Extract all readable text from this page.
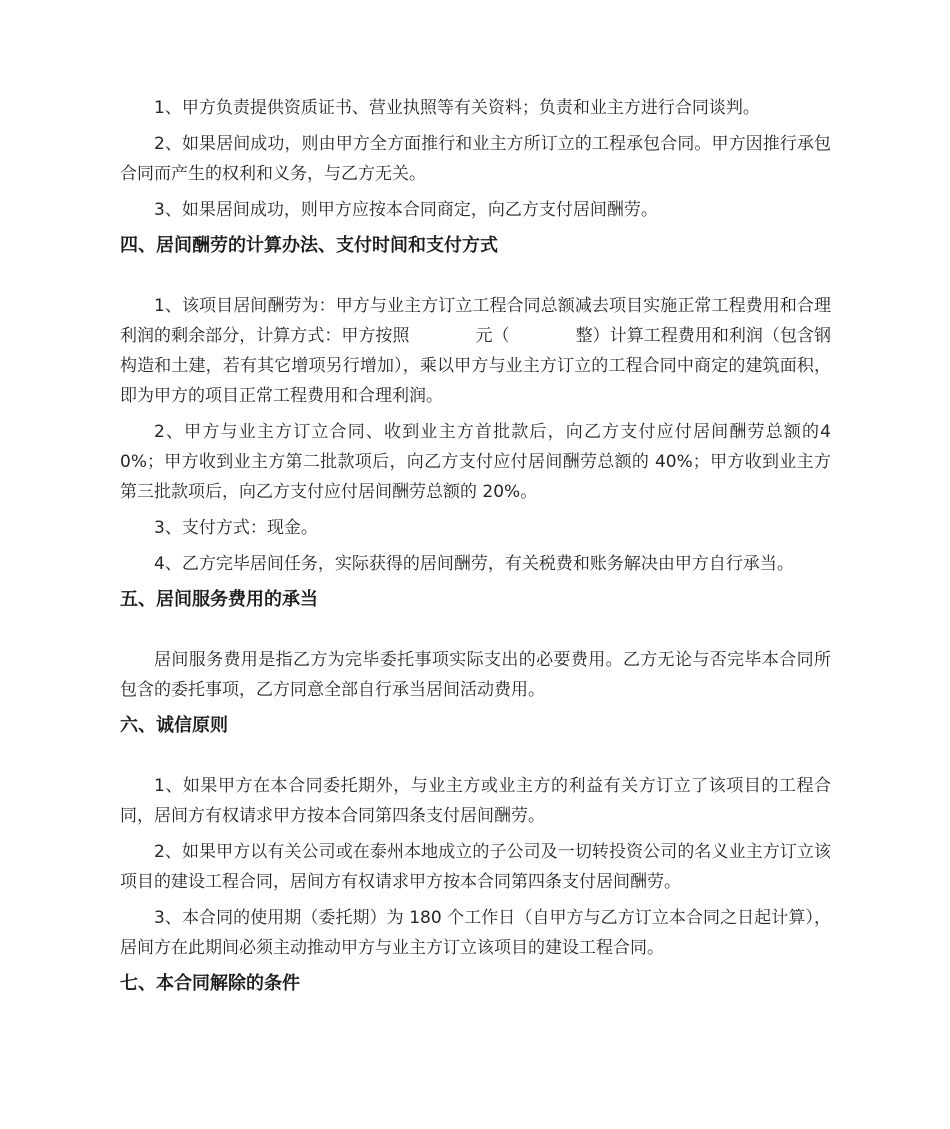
1、甲方负责提供资质证书、营业执照等有关资料；负责和业主方进行合同谈判。

2、如果居间成功，则由甲方全方面推行和业主方所订立的工程承包合同。甲方因推行承包合同而产生的权利和义务，与乙方无关。

3、如果居间成功，则甲方应按本合同商定，向乙方支付居间酬劳。

四、居间酬劳的计算办法、支付时间和支付方式

1、该项目居间酬劳为：甲方与业主方订立工程合同总额减去项目实施正常工程费用和合理利润的剩余部分，计算方式：甲方按照	元（	整）计算工程费用和利润（包含钢构造和土建，若有其它增项另行增加），乘以甲方与业主方订立的工程合同中商定的建筑面积，即为甲方的项目正常工程费用和合理利润。

2、甲方与业主方订立合同、收到业主方首批款后，向乙方支付应付居间酬劳总额的40%；甲方收到业主方第二批款项后，向乙方支付应付居间酬劳总额的 40%；甲方收到业主方第三批款项后，向乙方支付应付居间酬劳总额的 20%。

3、支付方式：现金。

4、乙方完毕居间任务，实际获得的居间酬劳，有关税费和账务解决由甲方自行承当。

五、居间服务费用的承当

居间服务费用是指乙方为完毕委托事项实际支出的必要费用。乙方无论与否完毕本合同所包含的委托事项，乙方同意全部自行承当居间活动费用。

六、诚信原则

1、如果甲方在本合同委托期外，与业主方或业主方的利益有关方订立了该项目的工程合同，居间方有权请求甲方按本合同第四条支付居间酬劳。

2、如果甲方以有关公司或在泰州本地成立的子公司及一切转投资公司的名义业主方订立该项目的建设工程合同，居间方有权请求甲方按本合同第四条支付居间酬劳。

3、本合同的使用期（委托期）为 180 个工作日（自甲方与乙方订立本合同之日起计算），居间方在此期间必须主动推动甲方与业主方订立该项目的建设工程合同。

七、本合同解除的条件
